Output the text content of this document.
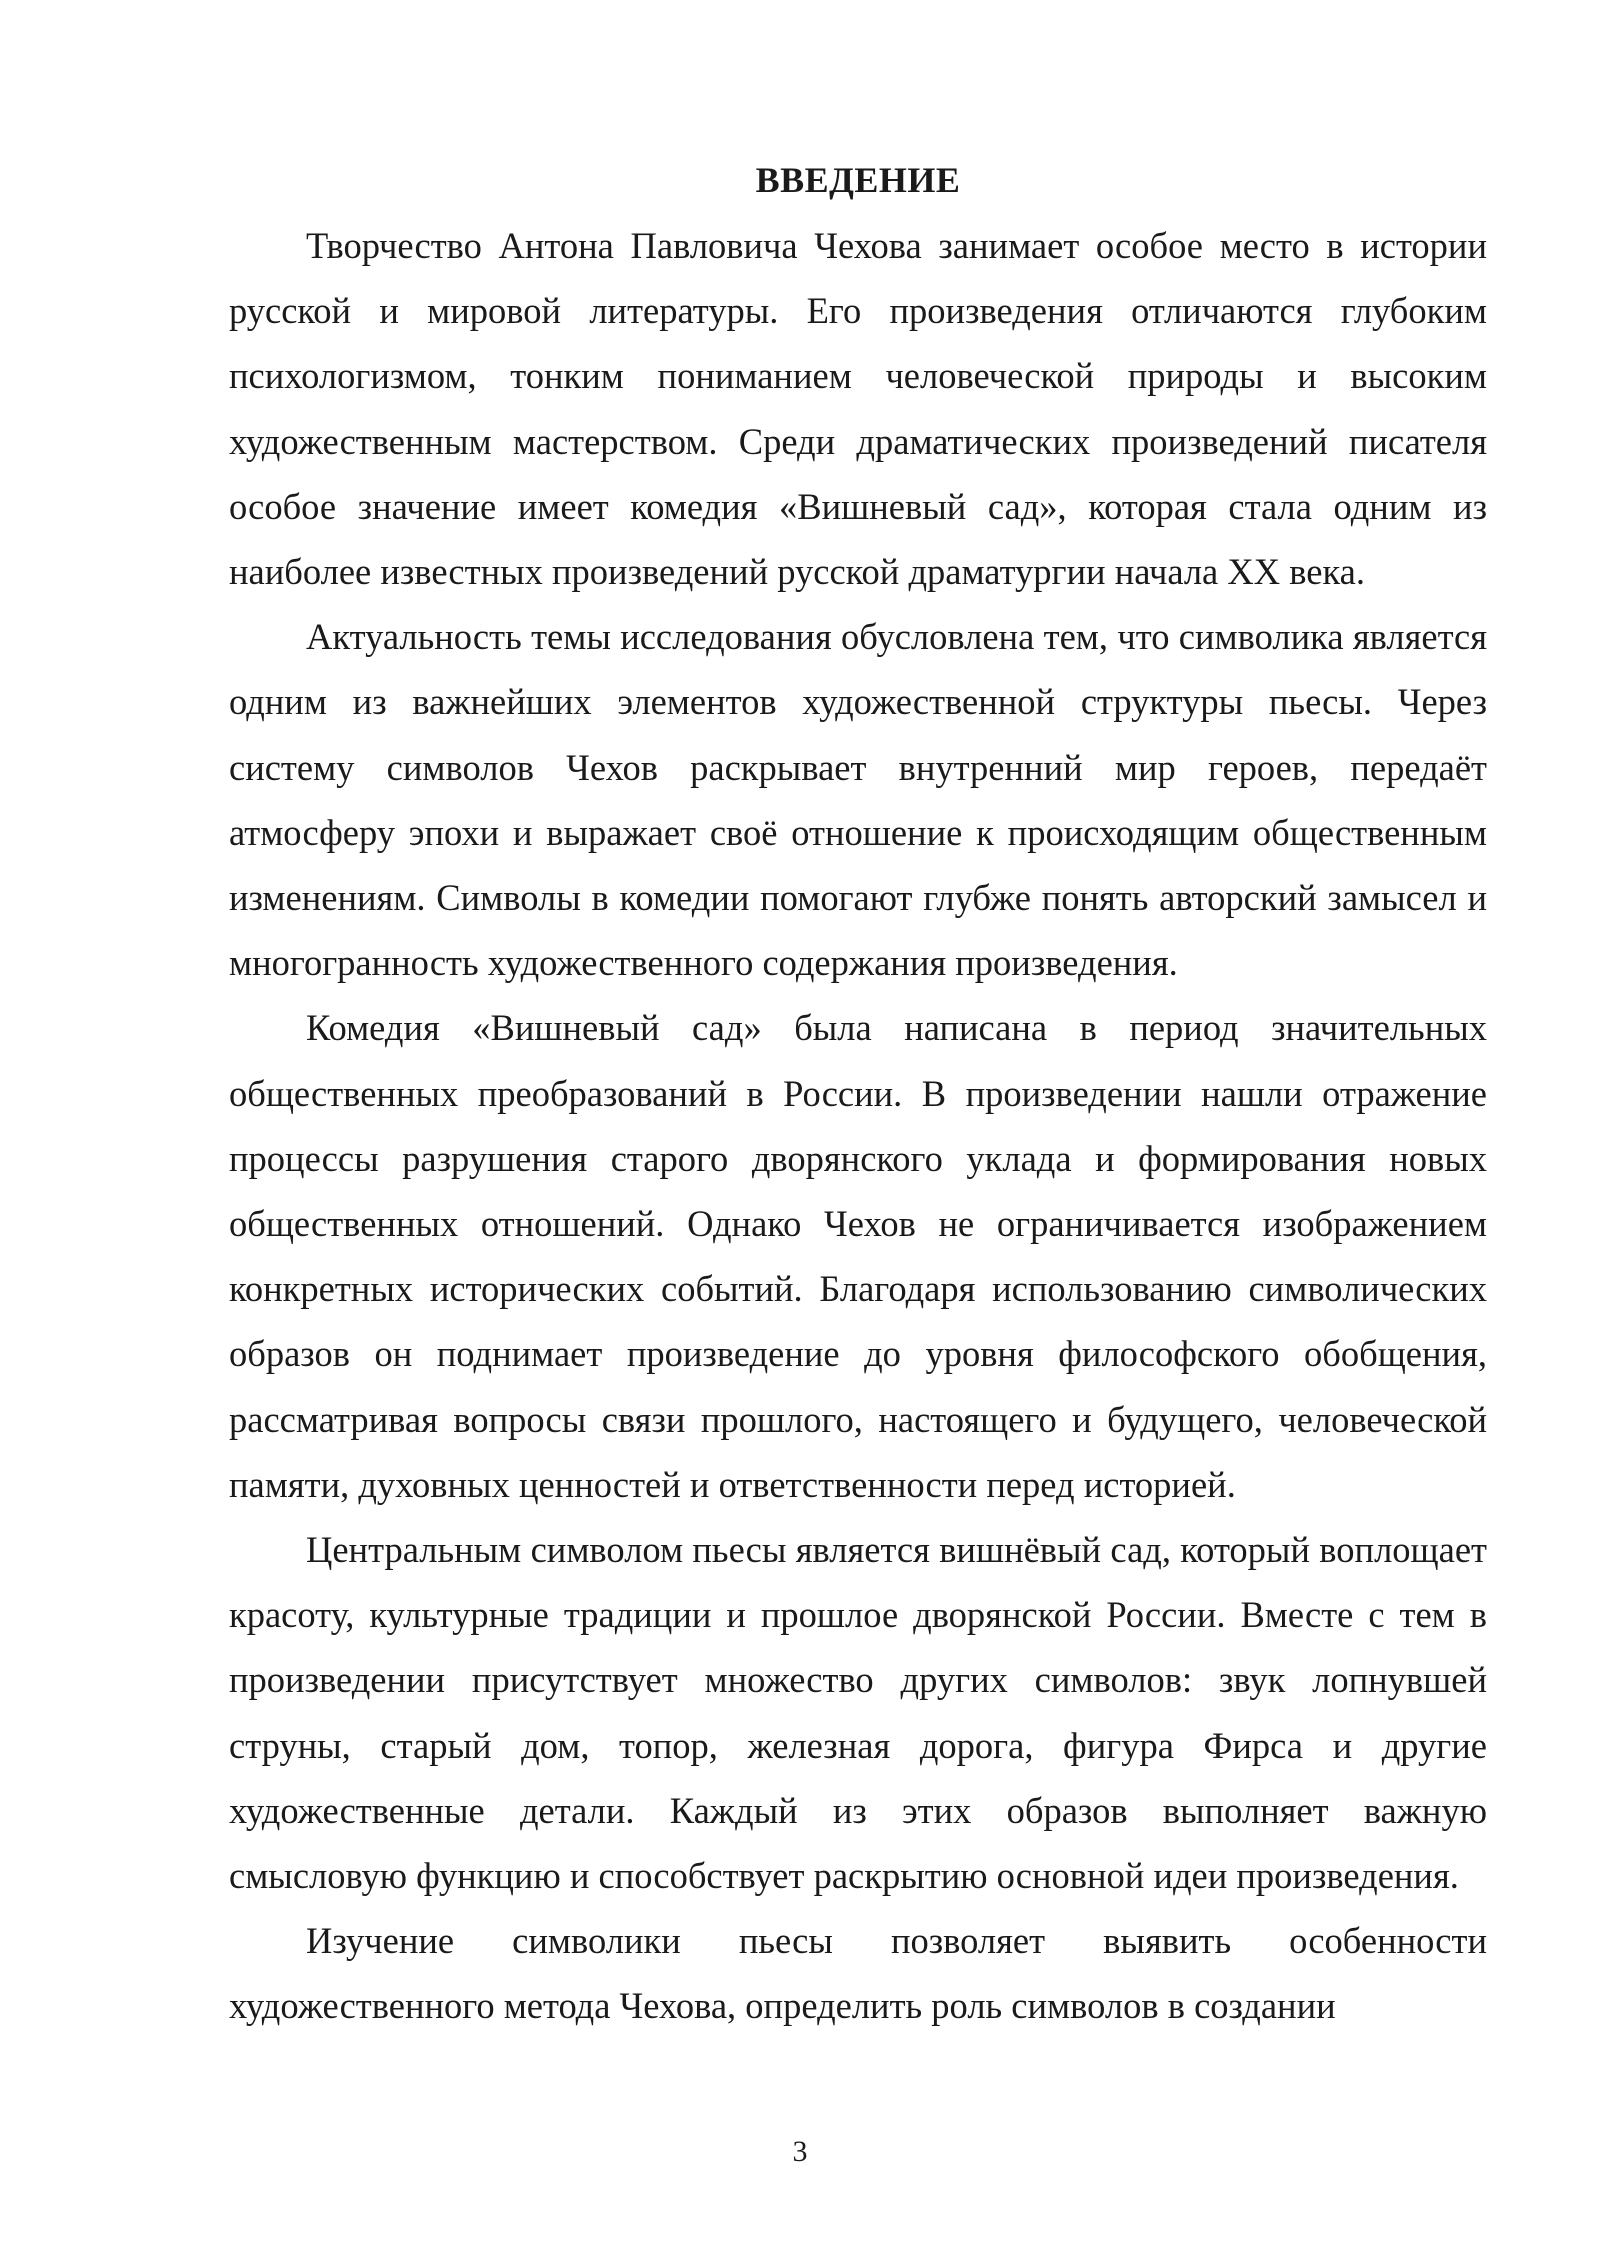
ВВЕДЕНИЕ

Творчество Антона Павловича Чехова занимает особое место в истории русской и мировой литературы. Его произведения отличаются глубоким психологизмом, тонким пониманием человеческой природы и высоким художественным мастерством. Среди драматических произведений писателя особое значение имеет комедия «Вишневый сад», которая стала одним из наиболее известных произведений русской драматургии начала XX века.

Актуальность темы исследования обусловлена тем, что символика является одним из важнейших элементов художественной структуры пьесы. Через систему символов Чехов раскрывает внутренний мир героев, передаёт атмосферу эпохи и выражает своё отношение к происходящим общественным изменениям. Символы в комедии помогают глубже понять авторский замысел и многогранность художественного содержания произведения.

Комедия «Вишневый сад» была написана в период значительных общественных преобразований в России. В произведении нашли отражение процессы разрушения старого дворянского уклада и формирования новых общественных отношений. Однако Чехов не ограничивается изображением конкретных исторических событий. Благодаря использованию символических образов он поднимает произведение до уровня философского обобщения, рассматривая вопросы связи прошлого, настоящего и будущего, человеческой памяти, духовных ценностей и ответственности перед историей.

Центральным символом пьесы является вишнёвый сад, который воплощает красоту, культурные традиции и прошлое дворянской России. Вместе с тем в произведении присутствует множество других символов: звук лопнувшей струны, старый дом, топор, железная дорога, фигура Фирса и другие художественные детали. Каждый из этих образов выполняет важную смысловую функцию и способствует раскрытию основной идеи произведения.

Изучение символики пьесы позволяет выявить особенности художественного метода Чехова, определить роль символов в создании

3
